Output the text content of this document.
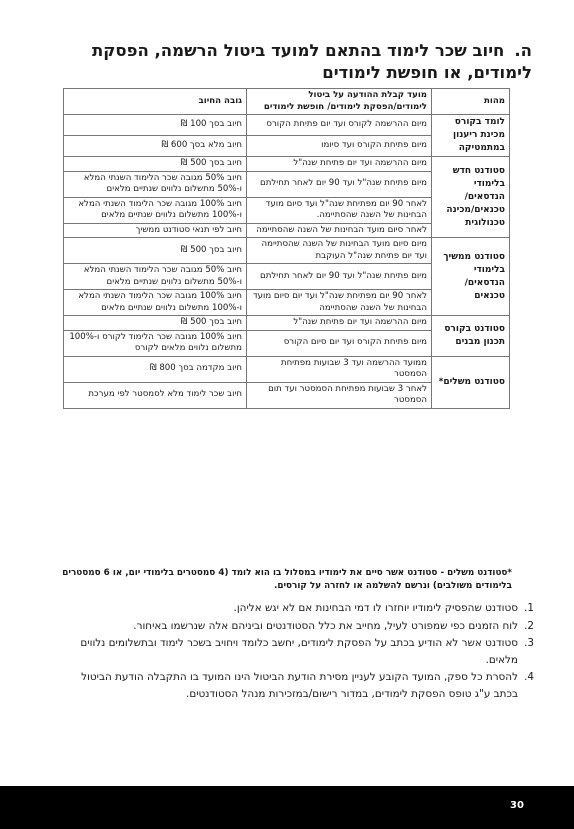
ה.חיוב שכר לימוד בהתאם למועד ביטול הרשמה, הפסקת
לימודים, או חופשת לימודים
מהות	מועד קבלת ההודעה על ביטול לימודים/הפסקת לימודים/ חופשת לימודים	גובה החיוב
לומד בקורס מכינת ריענון במתמטיקה	מיום ההרשמה לקורס ועד יום פתיחת הקורס	חיוב בסך 100 ₪
	מיום פתיחת הקורס ועד סיומו	חיוב מלא בסך 600 ₪
סטודנט חדש בלימודי הנדסאים/ טכנאים/מכינה טכנולוגית	מיום ההרשמה ועד יום פתיחת שנה"ל	חיוב בסך 500 ₪
	מיום פתיחת שנה"ל ועד 90 יום לאחר תחילתם	חיוב 50% מגובה שכר הלימוד השנתי המלא ו-50% מתשלום נלווים שנתיים מלאים
	לאחר 90 יום מפתיחת שנה"ל ועד סיום מועד הבחינות של השנה שהסתיימה.	חיוב 100% מגובה שכר הלימוד השנתי המלא ו-100% מתשלום נלווים שנתיים מלאים
	לאחר סיום מועד הבחינות של השנה שהסתיימה	חיוב לפי תנאי סטודנט ממשיך
סטודנט ממשיך בלימודי הנדסאים/ טכנאים	מיום סיום מועד הבחינות של השנה שהסתיימה ועד יום פתיחת שנה"ל העוקבת	חיוב בסך 500 ₪
	מיום פתיחת שנה"ל ועד 90 יום לאחר תחילתם	חיוב 50% מגובה שכר הלימוד השנתי המלא ו-50% מתשלום נלווים שנתיים מלאים
	לאחר 90 יום מפתיחת שנה"ל ועד יום סיום מועד הבחינות של השנה שהסתיימה	חיוב 100% מגובה שכר הלימוד השנתי המלא ו-100% מתשלום נלווים שנתיים מלאים
סטודנט בקורס תכנון מבנים	מיום ההרשמה ועד יום פתיחת שנה"ל	חיוב בסך 500 ₪
	מיום פתיחת הקורס ועד יום סיום הקורס	חיוב 100% מגובה שכר הלימוד לקורס ו-100% מתשלום נלווים מלאים לקורס
סטודנט משלים*	ממועד ההרשמה ועד 3 שבועות מפתיחת הסמסטר	חיוב מקדמה בסך 800 ₪
	לאחר 3 שבועות מפתיחת הסמסטר ועד תום הסמסטר	חיוב שכר לימוד מלא לסמסטר לפי מערכת
*סטודנט משלים - סטודנט אשר סיים את לימודיו במסלול בו הוא לומד (4 סמסטרים בלימודי יום, או 6 סמסטרים בלימודים משולבים) ונרשם להשלמה או לחזרה על קורסים.
1.
סטודנט שהפסיק לימודיו יוחזרו לו דמי הבחינות אם לא יגש אליהן.
2.
לוח הזמנים כפי שמפורט לעיל, מחייב את כלל הסטודנטים וביניהם אלה שנרשמו באיחור.
3.
סטודנט אשר לא הודיע בכתב על הפסקת לימודים, יחשב כלומד ויחויב בשכר לימוד ובתשלומים נלווים מלאים.
4.
להסרת כל ספק, המועד הקובע לעניין מסירת הודעת הביטול הינו המועד בו התקבלה הודעת הביטול בכתב ע"ג טופס הפסקת לימודים, במדור רישום/במזכירות מנהל הסטודנטים.
30
